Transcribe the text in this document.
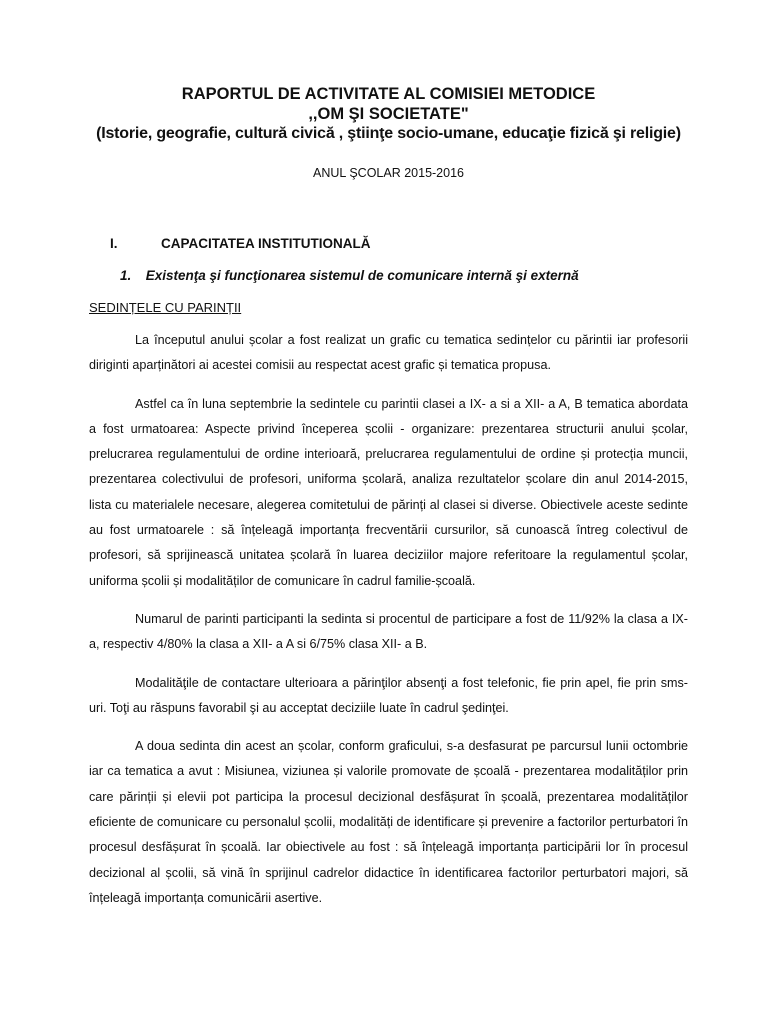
RAPORTUL DE ACTIVITATE AL COMISIEI METODICE

,,OM ŞI SOCIETATE"

(Istorie, geografie, cultură civică , ştiinţe socio-umane, educaţie fizică şi religie)

ANUL ŞCOLAR 2015-2016

I.	CAPACITATEA INSTITUTIONALĂ
1. Existenţa şi funcţionarea sistemul de comunicare internă şi externă

SEDINȚELE CU PARINȚII

La începutul anului școlar a fost realizat un grafic cu tematica sedințelor cu părintii iar profesorii diriginti aparținători ai acestei comisii au respectat acest grafic și tematica propusa.

Astfel ca în luna septembrie la sedintele cu parintii clasei a IX- a si a XII- a A, B tematica abordata a fost urmatoarea: Aspecte privind începerea școlii - organizare: prezentarea structurii anului școlar, prelucrarea regulamentului de ordine interioară, prelucrarea regulamentului de ordine și protecția muncii, prezentarea colectivului de profesori, uniforma școlară, analiza rezultatelor școlare din anul 2014-2015, lista cu materialele necesare, alegerea comitetului de părinți al clasei si diverse. Obiectivele aceste sedinte au fost urmatoarele : să înțeleagă importanța frecventării cursurilor, să cunoască întreg colectivul de profesori, să sprijinească unitatea școlară în luarea deciziilor majore referitoare la regulamentul școlar, uniforma școlii și modalităților de comunicare în cadrul familie-școală.

Numarul de parinti participanti la sedinta si procentul de participare a fost de 11/92% la clasa a IX- a, respectiv 4/80% la clasa a XII- a A si 6/75% clasa XII- a B.

Modalităţile de contactare ulterioara a părinţilor absenţi a fost telefonic, fie prin apel, fie prin sms-uri. Toţi au răspuns favorabil şi au acceptat deciziile luate în cadrul şedinţei.

A doua sedinta din acest an școlar, conform graficului, s-a desfasurat pe parcursul lunii octombrie iar ca tematica a avut : Misiunea, viziunea și valorile promovate de școală - prezentarea modalităților prin care părinții și elevii pot participa la procesul decizional desfășurat în școală, prezentarea modalităților eficiente de comunicare cu personalul școlii, modalități de identificare și prevenire a factorilor perturbatori în procesul desfășurat în școală. Iar obiectivele au fost : să înțeleagă importanța participării lor în procesul decizional al școlii, să vină în sprijinul cadrelor didactice în identificarea factorilor perturbatori majori, să înțeleagă importanța comunicării asertive.
